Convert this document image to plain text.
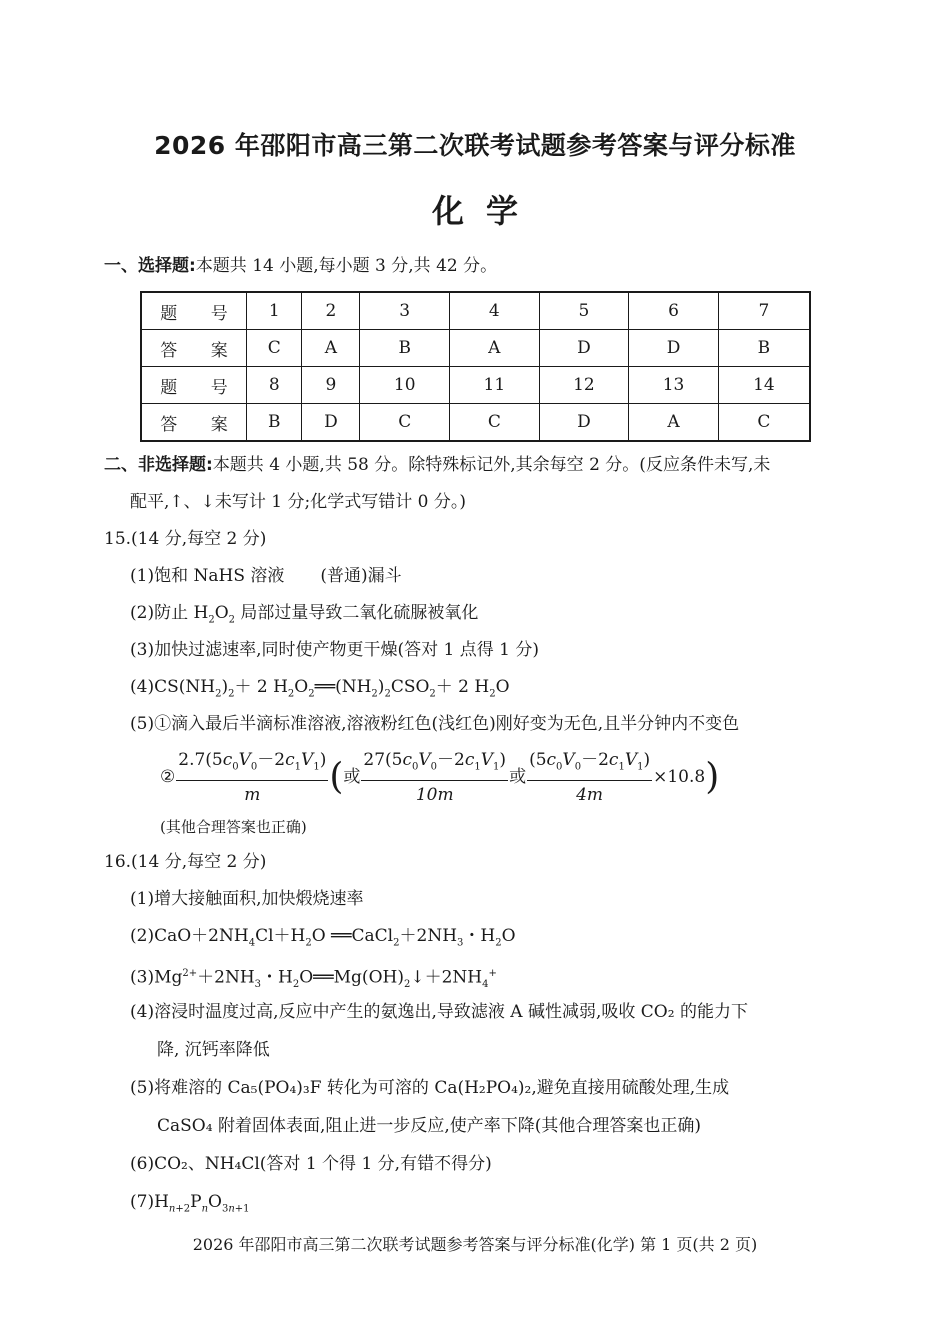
2026 年邵阳市高三第二次联考试题参考答案与评分标准
化学
一、选择题:本题共 14 小题,每小题 3 分,共 42 分。
题 号	1	2	3	4	5	6	7
答 案	C	A	B	A	D	D	B
题 号	8	9	10	11	12	13	14
答 案	B	D	C	C	D	A	C
二、非选择题:本题共 4 小题,共 58 分。除特殊标记外,其余每空 2 分。(反应条件未写,未
配平,↑、↓未写计 1 分;化学式写错计 0 分。)
15.(14 分,每空 2 分)
(1)饱和 NaHS 溶液 (普通)漏斗
(2)防止 $H_2O_2$ 局部过量导致二氧化硫脲被氧化
(3)加快过滤速率,同时使产物更干燥(答对 1 点得 1 分)
$(4)CS(NH_2)_2+ 2$ $H_2O_2══(NH_2)_2CSO_2+ 2$ $H_2O$
(5)①滴入最后半滴标准溶液,溶液粉红色(浅红色)刚好变为无色,且半分钟内不变色
② $\frac{2.7(5c_0V_0-2c_1V_1)}{m}$ (或 $\frac{27(5c_0V_0-2c_1V_1)}{10m}$ 或 $\frac{(5c_0V_0-2c_1V_1)}{4m} \times 10.8$)
(其他合理答案也正确)
16.(14 分,每空 2 分)
(1)增大接触面积,加快煅烧速率
$(2)CaO+2NH_4Cl+H_2O$ $══CaCl_2+2NH_3$・$H_2O$
$(3)Mg^{2+}+2NH_3$・$H_2O══Mg(OH)_2↓+2NH_4^+$
(4)溶浸时温度过高,反应中产生的氨逸出,导致滤液 A 碱性减弱,吸收 CO₂ 的能力下
降, 沉钙率降低
(5)将难溶的 Ca₅(PO₄)₃F 转化为可溶的 Ca(H₂PO₄)₂,避免直接用硫酸处理,生成
CaSO₄ 附着固体表面,阻止进一步反应,使产率下降(其他合理答案也正确)
(6)CO₂、NH₄Cl(答对 1 个得 1 分,有错不得分)
$(7)H_{n+2}P_nO_{3n+1}$
2026 年邵阳市高三第二次联考试题参考答案与评分标准(化学) 第 1 页(共 2 页)
